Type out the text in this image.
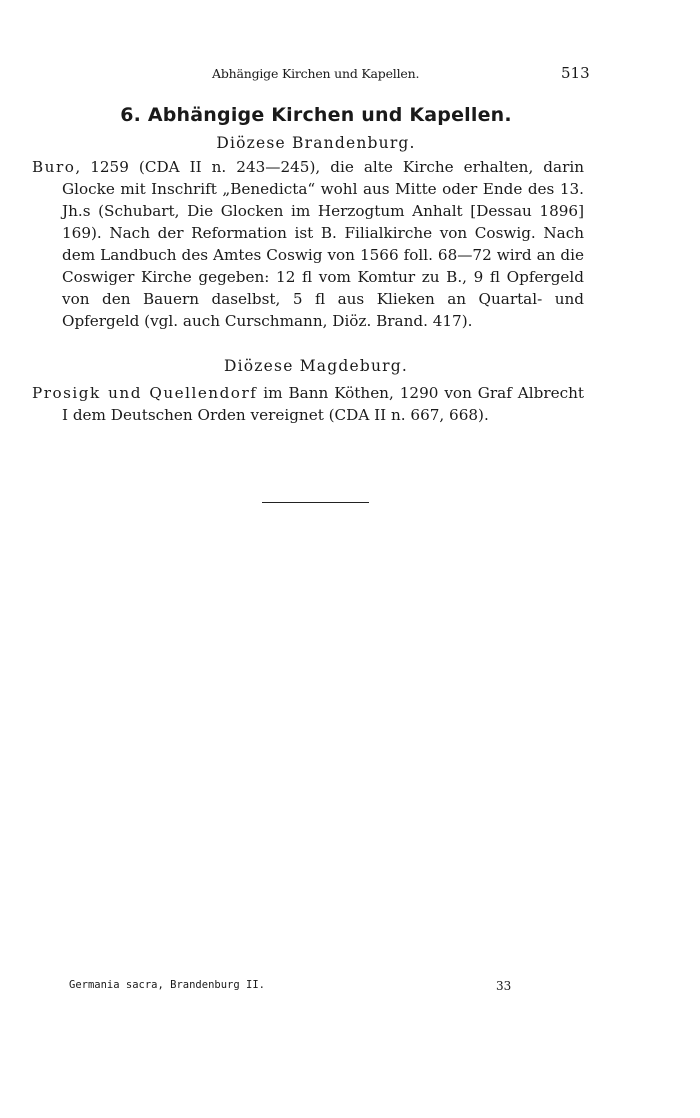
Abhängige Kirchen und Kapellen.	513
6. Abhängige Kirchen und Kapellen.
Diözese Brandenburg.
Buro, 1259 (CDA II n. 243—245), die alte Kirche erhalten, darin Glocke mit Inschrift „Benedicta“ wohl aus Mitte oder Ende des 13. Jh.s (Schubart, Die Glocken im Herzogtum Anhalt [Dessau 1896] 169). Nach der Reformation ist B. Filialkirche von Coswig. Nach dem Landbuch des Amtes Coswig von 1566 foll. 68—72 wird an die Coswiger Kirche gegeben: 12 fl vom Komtur zu B., 9 fl Opfergeld von den Bauern daselbst, 5 fl aus Klieken an Quartal- und Opfergeld (vgl. auch Curschmann, Diöz. Brand. 417).
Diözese Magdeburg.
Prosigk und Quellendorf im Bann Köthen, 1290 von Graf Albrecht I dem Deutschen Orden vereignet (CDA II n. 667, 668).
Germania sacra, Brandenburg II.	33
